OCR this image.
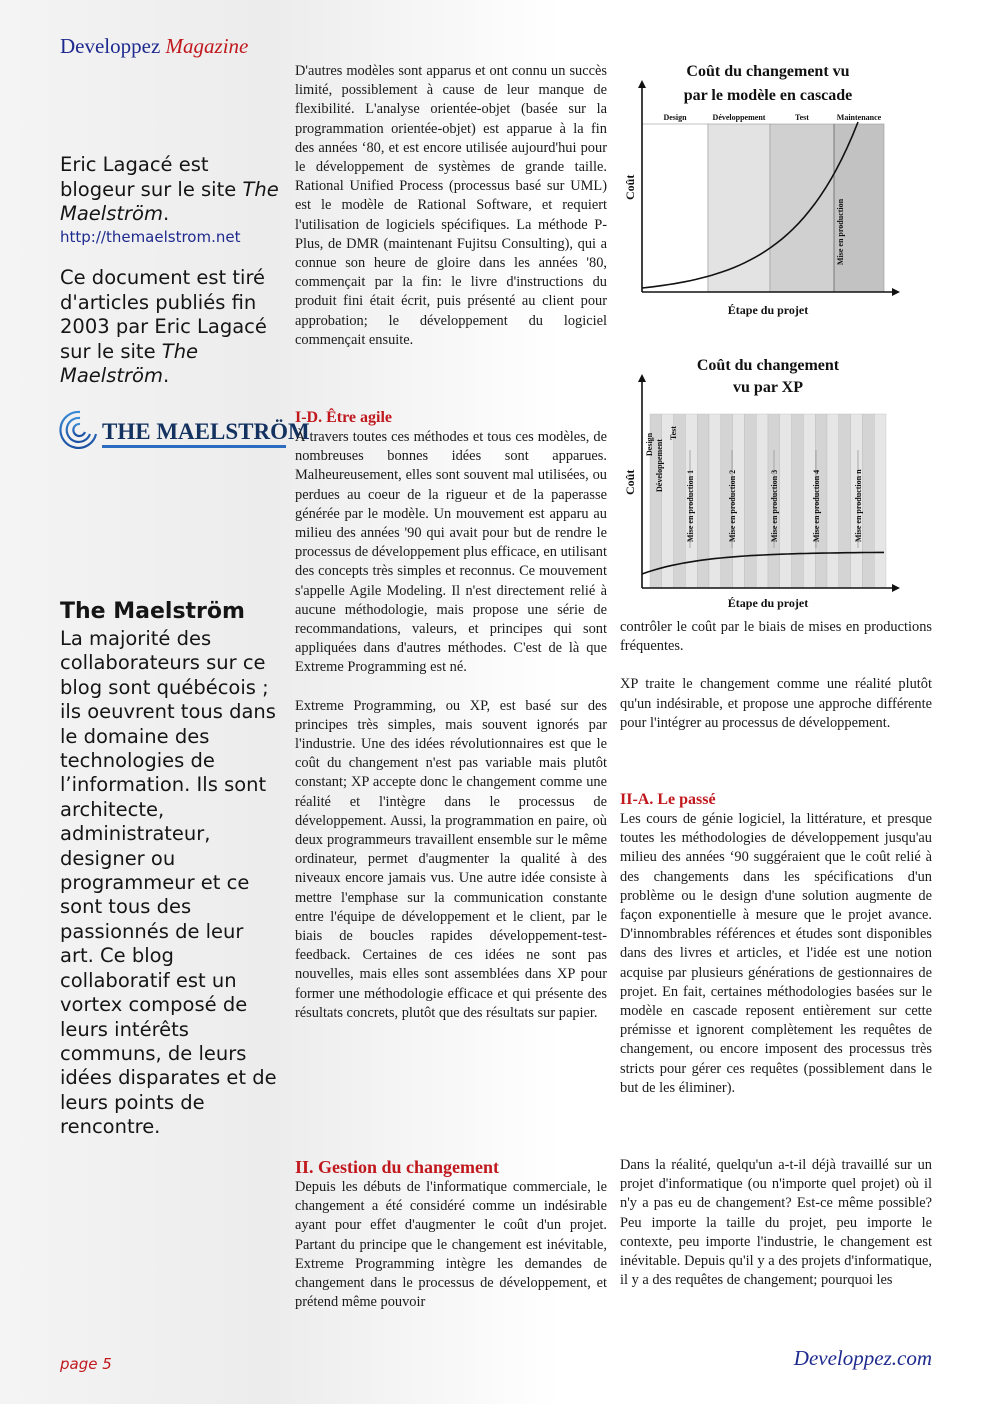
Developpez Magazine
Eric Lagacé est blogeur sur le site The Maelström.
http://themaelstrom.net
Ce document est tiré d'articles publiés fin 2003 par Eric Lagacé sur le site The Maelström.
THE MAELSTRÖM
The Maelström
La majorité des collaborateurs sur ce blog sont québécois ; ils oeuvrent tous dans le domaine des technologies de l’information. Ils sont architecte, administrateur, designer ou programmeur et ce sont tous des passionnés de leur art. Ce blog collaboratif est un vortex composé de leurs intérêts communs, de leurs idées disparates et de leurs points de rencontre.

D'autres modèles sont apparus et ont connu un succès limité, possiblement à cause de leur manque de flexibilité. L'analyse orientée-objet (basée sur la programmation orientée-objet) est apparue à la fin des années ‘80, et est encore utilisée aujourd'hui pour le développement de systèmes de grande taille. Rational Unified Process (processus basé sur UML) est le modèle de Rational Software, et requiert l'utilisation de logiciels spécifiques. La méthode P-Plus, de DMR (maintenant Fujitsu Consulting), qui a connue son heure de gloire dans les années '80, commençait par la fin: le livre d'instructions du produit fini était écrit, puis présenté au client pour approbation; le développement du logiciel commençait ensuite.

I-D. Être agile

À travers toutes ces méthodes et tous ces modèles, de nombreuses bonnes idées sont apparues. Malheureusement, elles sont souvent mal utilisées, ou perdues au coeur de la rigueur et de la paperasse générée par le modèle. Un mouvement est apparu au milieu des années '90 qui avait pour but de rendre le processus de développement plus efficace, en utilisant des concepts très simples et reconnus. Ce mouvement s'appelle Agile Modeling. Il n'est directement relié à aucune méthodologie, mais propose une série de recommandations, valeurs, et principes qui sont appliquées dans d'autres méthodes. C'est de là que Extreme Programming est né.

Extreme Programming, ou XP, est basé sur des principes très simples, mais souvent ignorés par l'industrie. Une des idées révolutionnaires est que le coût du changement n'est pas variable mais plutôt constant; XP accepte donc le changement comme une réalité et l'intègre dans le processus de développement. Aussi, la programmation en paire, où deux programmeurs travaillent ensemble sur le même ordinateur, permet d'augmenter la qualité à des niveaux encore jamais vus. Une autre idée consiste à mettre l'emphase sur la communication constante entre l'équipe de développement et le client, par le biais de boucles rapides développement-test-feedback. Certaines de ces idées ne sont pas nouvelles, mais elles sont assemblées dans XP pour former une méthodologie efficace et qui présente des résultats concrets, plutôt que des résultats sur papier.

II. Gestion du changement

Depuis les débuts de l'informatique commerciale, le changement a été considéré comme un indésirable ayant pour effet d'augmenter le coût d'un projet. Partant du principe que le changement est inévitable, Extreme Programming intègre les demandes de changement dans le processus de développement, et prétend même pouvoir

Coût du changement vu
par le modèle en cascade
Design	Développement	Test	Maintenance
Mise en production
Coût
Étape du projet
Coût du changement
vu par XP
Design Développement
Test
Mise en production 1	Mise en production 2	Mise en production 3	Mise en production 4	Mise en production n
Coût
Étape du projet

contrôler le coût par le biais de mises en productions fréquentes.

XP traite le changement comme une réalité plutôt qu'un indésirable, et propose une approche différente pour l'intégrer au processus de développement.

II-A. Le passé

Les cours de génie logiciel, la littérature, et presque toutes les méthodologies de développement jusqu'au milieu des années ‘90 suggéraient que le coût relié à des changements dans les spécifications d'un problème ou le design d'une solution augmente de façon exponentielle à mesure que le projet avance. D'innombrables références et études sont disponibles dans des livres et articles, et l'idée est une notion acquise par plusieurs générations de gestionnaires de projet. En fait, certaines méthodologies basées sur le modèle en cascade reposent entièrement sur cette prémisse et ignorent complètement les requêtes de changement, ou encore imposent des processus très stricts pour gérer ces requêtes (possiblement dans le but de les éliminer).

Dans la réalité, quelqu'un a-t-il déjà travaillé sur un projet d'informatique (ou n'importe quel projet) où il n'y a pas eu de changement? Est-ce même possible? Peu importe la taille du projet, peu importe le contexte, peu importe l'industrie, le changement est inévitable. Depuis qu'il y a des projets d'informatique, il y a des requêtes de changement; pourquoi les

page 5	Developpez.com
